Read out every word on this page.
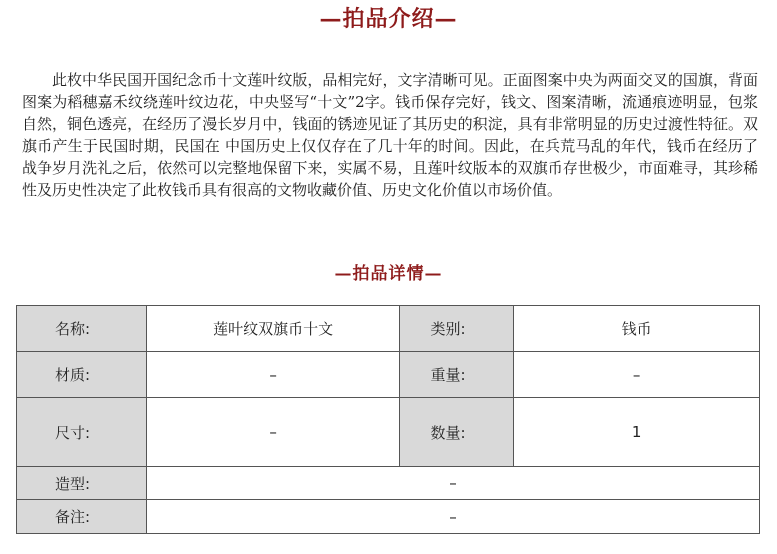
—拍品介绍—

此枚中华民国开国纪念币十文莲叶纹版，品相完好，文字清晰可见。正面图案中央为两面交叉的国旗，背面图案为稻穗嘉禾纹绕莲叶纹边花，中央竖写“十文”2字。钱币保存完好，钱文、图案清晰，流通痕迹明显，包浆自然，铜色透亮，在经历了漫长岁月中，钱面的锈迹见证了其历史的积淀，具有非常明显的历史过渡性特征。双旗币产生于民国时期，民国在 中国历史上仅仅存在了几十年的时间。因此，在兵荒马乱的年代，钱币在经历了战争岁月洗礼之后，依然可以完整地保留下来，实属不易，且莲叶纹版本的双旗币存世极少，市面难寻，其珍稀性及历史性决定了此枚钱币具有很高的文物收藏价值、历史文化价值以市场价值。

—拍品详情—
名称:	莲叶纹双旗币十文	类别:	钱币
材质:	–	重量:	–
尺寸:	–	数量:	1
造型:	–		
备注:	–		
